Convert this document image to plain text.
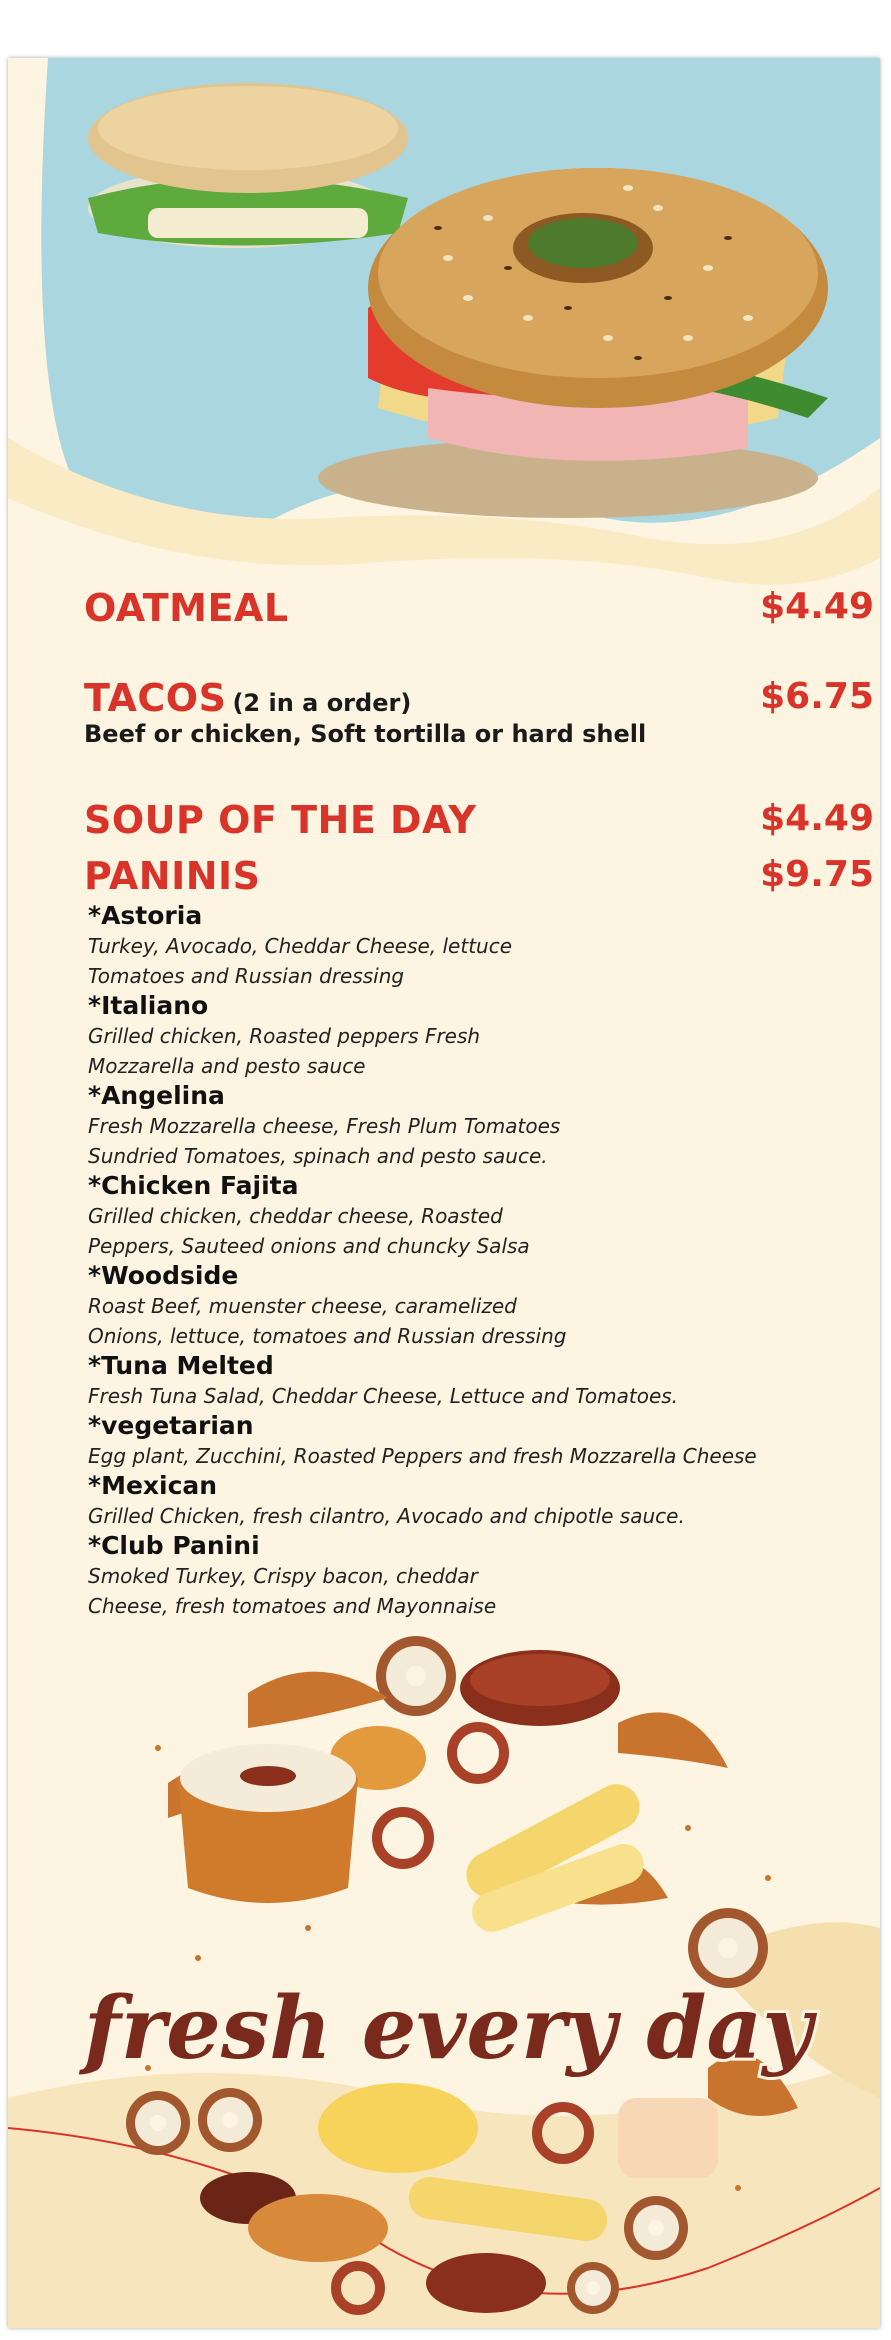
OATMEAL	$4.49
TACOS (2 in a order)	$6.75
Beef or chicken, Soft tortilla or hard shell
SOUP OF THE DAY	$4.49
PANINIS	$9.75
*Astoria
Turkey, Avocado, Cheddar Cheese, lettuce
Tomatoes and Russian dressing
*Italiano
Grilled chicken, Roasted peppers Fresh
Mozzarella and pesto sauce
*Angelina
Fresh Mozzarella cheese, Fresh Plum Tomatoes
Sundried Tomatoes, spinach and pesto sauce.
*Chicken Fajita
Grilled chicken, cheddar cheese, Roasted
Peppers, Sauteed onions and chuncky Salsa
*Woodside
Roast Beef, muenster cheese, caramelized
Onions, lettuce, tomatoes and Russian dressing
*Tuna Melted
Fresh Tuna Salad, Cheddar Cheese, Lettuce and Tomatoes.
*vegetarian
Egg plant, Zucchini, Roasted Peppers and fresh Mozzarella Cheese
*Mexican
Grilled Chicken, fresh cilantro, Avocado and chipotle sauce.
*Club Panini
Smoked Turkey, Crispy bacon, cheddar
Cheese, fresh tomatoes and Mayonnaise
fresh every day
